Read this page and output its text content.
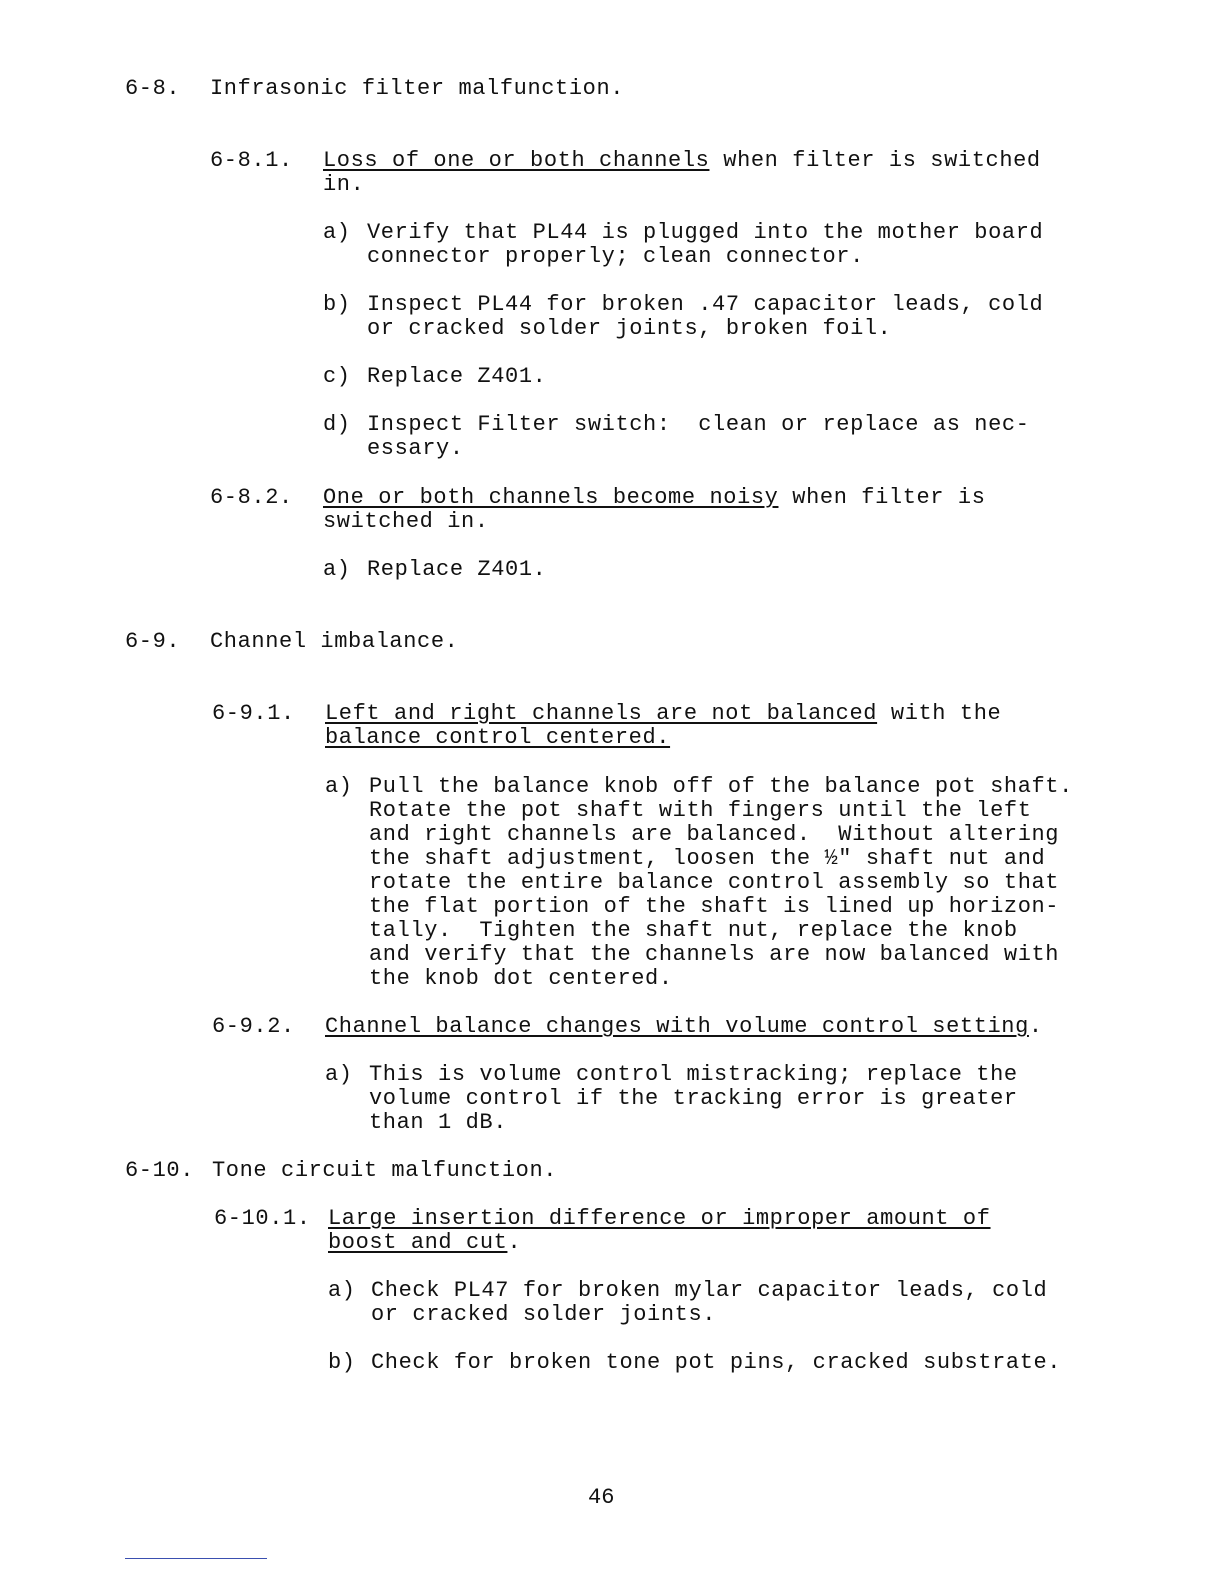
6-8. Infrasonic filter malfunction.
6-8.1. Loss of one or both channels when filter is switched
in.
a) Verify that PL44 is plugged into the mother board
connector properly; clean connector.
b) Inspect PL44 for broken .47 capacitor leads, cold
or cracked solder joints, broken foil.
c) Replace Z401.
d) Inspect Filter switch:  clean or replace as nec-
essary.
6-8.2. One or both channels become noisy when filter is
switched in.
a) Replace Z401.
6-9. Channel imbalance.
6-9.1. Left and right channels are not balanced with the
balance control centered.
a) Pull the balance knob off of the balance pot shaft.
Rotate the pot shaft with fingers until the left
and right channels are balanced.  Without altering
the shaft adjustment, loosen the ½" shaft nut and
rotate the entire balance control assembly so that
the flat portion of the shaft is lined up horizon-
tally.  Tighten the shaft nut, replace the knob
and verify that the channels are now balanced with
the knob dot centered.
6-9.2. Channel balance changes with volume control setting.
a) This is volume control mistracking; replace the
volume control if the tracking error is greater
than 1 dB.
6-10. Tone circuit malfunction.
6-10.1. Large insertion difference or improper amount of
boost and cut.
a) Check PL47 for broken mylar capacitor leads, cold
or cracked solder joints.
b) Check for broken tone pot pins, cracked substrate.
46
